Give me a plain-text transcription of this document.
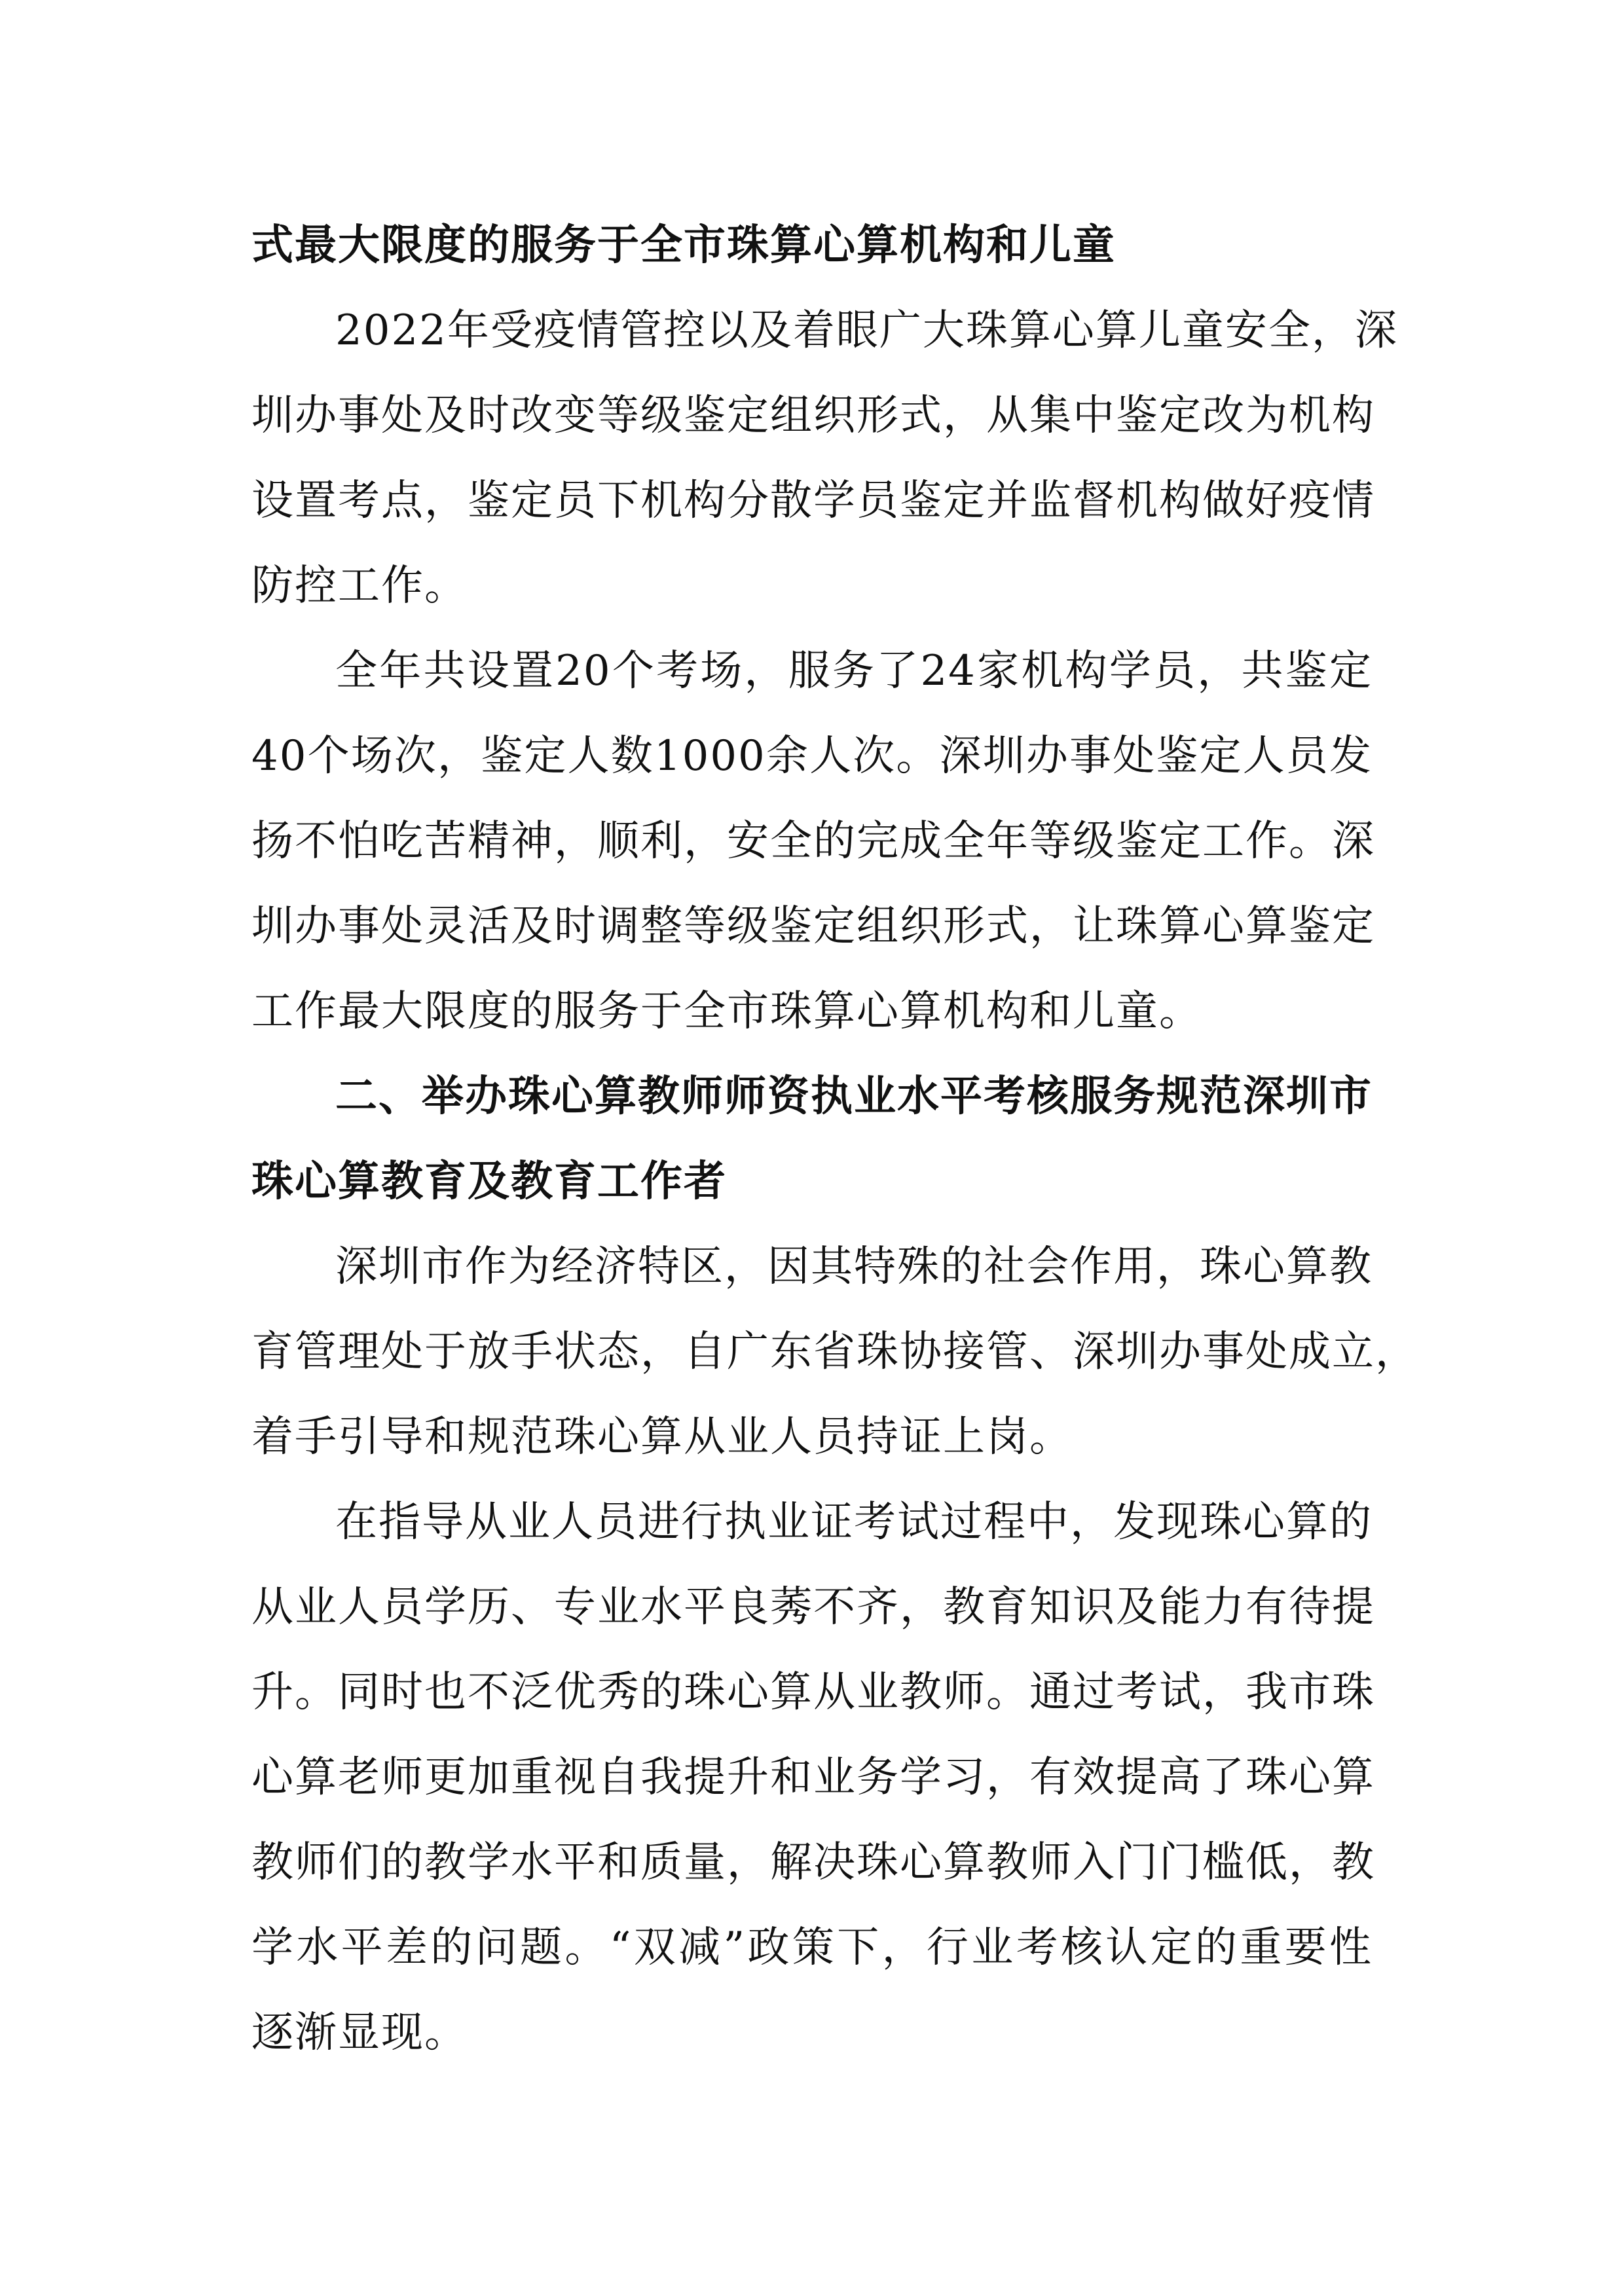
式最大限度的服务于全市珠算心算机构和儿童
2022年受疫情管控以及着眼广大珠算心算儿童安全，深
圳办事处及时改变等级鉴定组织形式，从集中鉴定改为机构
设置考点，鉴定员下机构分散学员鉴定并监督机构做好疫情
防控工作。
全年共设置20个考场，服务了24家机构学员，共鉴定
40个场次，鉴定人数1000余人次。深圳办事处鉴定人员发
扬不怕吃苦精神，顺利，安全的完成全年等级鉴定工作。深
圳办事处灵活及时调整等级鉴定组织形式，让珠算心算鉴定
工作最大限度的服务于全市珠算心算机构和儿童。
二、举办珠心算教师师资执业水平考核服务规范深圳市
珠心算教育及教育工作者
深圳市作为经济特区，因其特殊的社会作用，珠心算教
育管理处于放手状态，自广东省珠协接管、深圳办事处成立，
着手引导和规范珠心算从业人员持证上岗。
在指导从业人员进行执业证考试过程中，发现珠心算的
从业人员学历、专业水平良莠不齐，教育知识及能力有待提
升。同时也不泛优秀的珠心算从业教师。通过考试，我市珠
心算老师更加重视自我提升和业务学习，有效提高了珠心算
教师们的教学水平和质量，解决珠心算教师入门门槛低，教
学水平差的问题。“双减”政策下，行业考核认定的重要性
逐渐显现。
